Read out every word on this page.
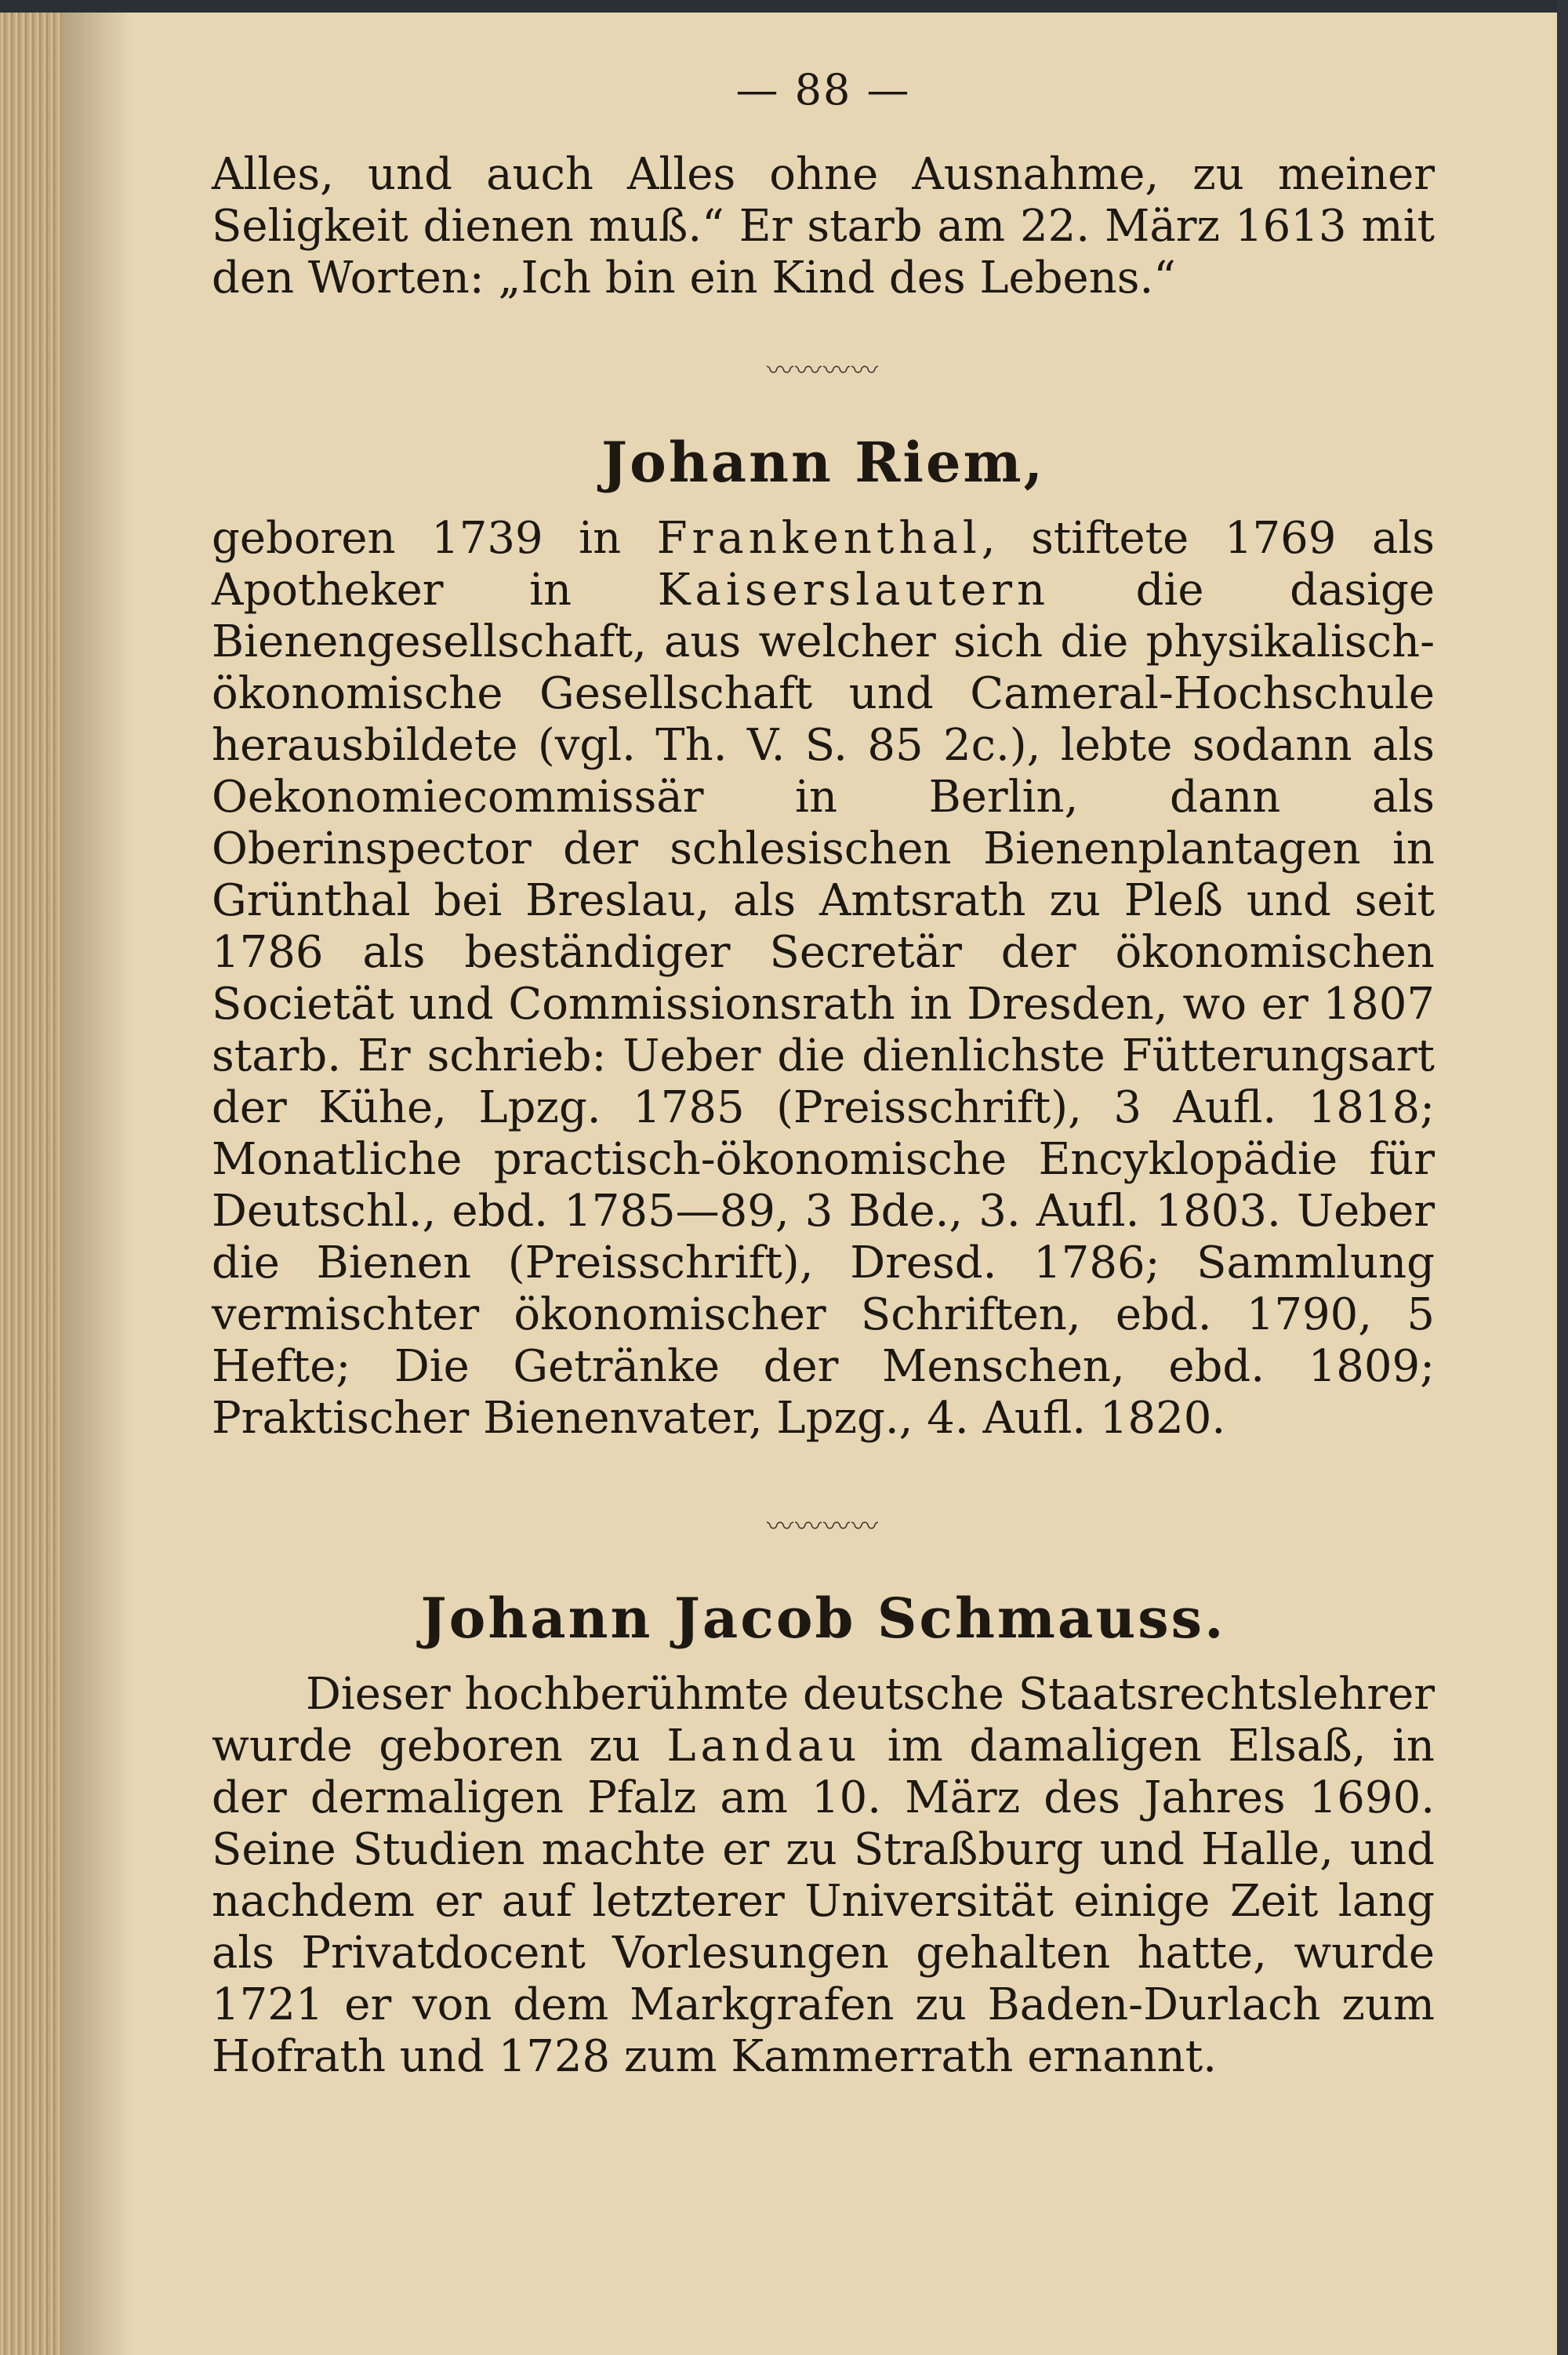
— 88 —

Alles, und auch Alles ohne Ausnahme, zu meiner Seligkeit dienen muß.“ Er starb am 22. März 1613 mit den Worten: „Ich bin ein Kind des Lebens.“

〰〰〰〰
Johann Riem,

geboren 1739 in Frankenthal, stiftete 1769 als Apotheker in Kaiserslautern die dasige Bienengesellschaft, aus welcher sich die physikalisch-ökonomische Gesellschaft und Cameral-Hochschule herausbildete (vgl. Th. V. S. 85 2c.), lebte sodann als Oekonomiecommissär in Berlin, dann als Oberinspector der schlesischen Bienenplantagen in Grünthal bei Breslau, als Amtsrath zu Pleß und seit 1786 als beständiger Secretär der ökonomischen Societät und Commissionsrath in Dresden, wo er 1807 starb. Er schrieb: Ueber die dienlichste Fütterungsart der Kühe, Lpzg. 1785 (Preisschrift), 3 Aufl. 1818; Monatliche practisch-ökonomische Encyklopädie für Deutschl., ebd. 1785—89, 3 Bde., 3. Aufl. 1803. Ueber die Bienen (Preisschrift), Dresd. 1786; Sammlung vermischter ökonomischer Schriften, ebd. 1790, 5 Hefte; Die Getränke der Menschen, ebd. 1809; Praktischer Bienenvater, Lpzg., 4. Aufl. 1820.

〰〰〰〰
Johann Jacob Schmauss.

Dieser hochberühmte deutsche Staatsrechtslehrer wurde geboren zu Landau im damaligen Elsaß, in der dermaligen Pfalz am 10. März des Jahres 1690. Seine Studien machte er zu Straßburg und Halle, und nachdem er auf letzterer Universität einige Zeit lang als Privatdocent Vorlesungen gehalten hatte, wurde 1721 er von dem Markgrafen zu Baden-Durlach zum Hofrath und 1728 zum Kammerrath ernannt.
